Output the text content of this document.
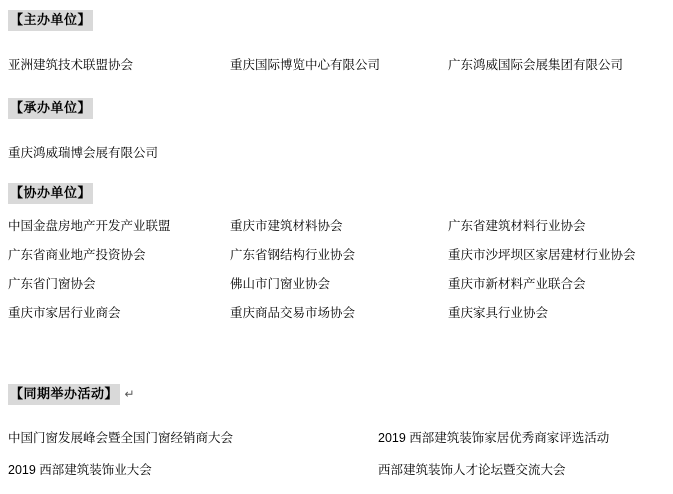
【主办单位】
亚洲建筑技术联盟协会	重庆国际博览中心有限公司	广东鸿威国际会展集团有限公司
【承办单位】
重庆鸿威瑞博会展有限公司
【协办单位】
中国金盘房地产开发产业联盟	重庆市建筑材料协会	广东省建筑材料行业协会
广东省商业地产投资协会	广东省钢结构行业协会	重庆市沙坪坝区家居建材行业协会
广东省门窗协会	佛山市门窗业协会	重庆市新材料产业联合会
重庆市家居行业商会	重庆商品交易市场协会	重庆家具行业协会
【同期举办活动】 ↵
中国门窗发展峰会暨全国门窗经销商大会	2019 西部建筑装饰家居优秀商家评选活动
2019 西部建筑装饰业大会	西部建筑装饰人才论坛暨交流大会
